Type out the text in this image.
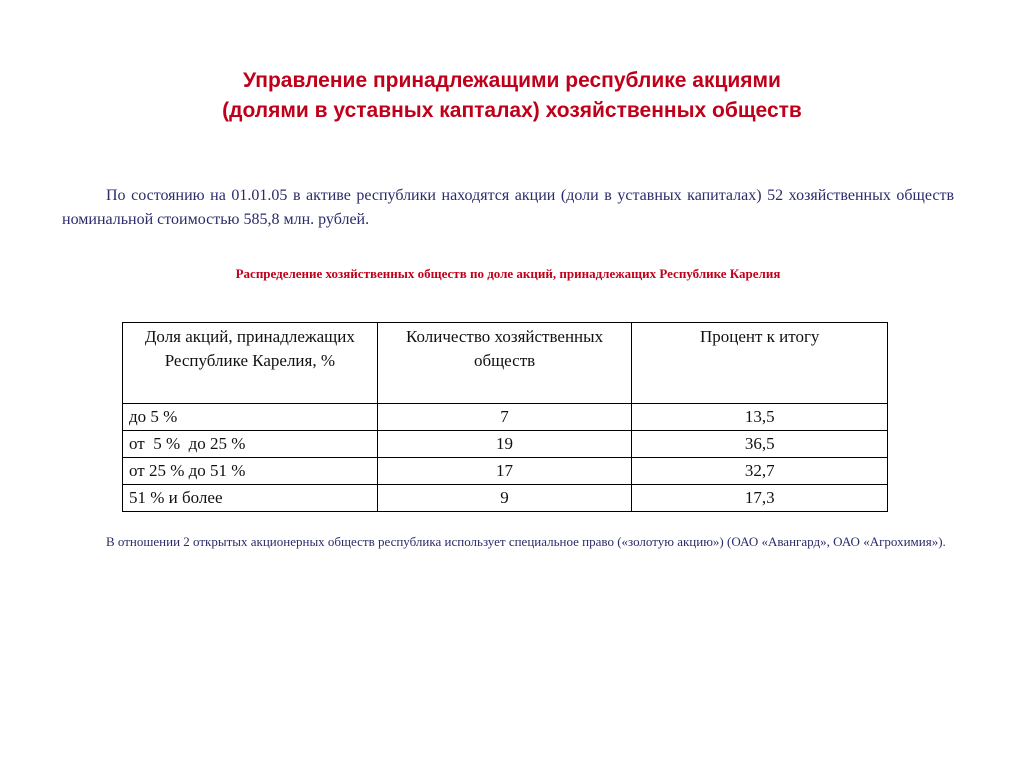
Управление принадлежащими республике акциями
(долями в уставных капталах) хозяйственных обществ

По состоянию на 01.01.05 в активе республики находятся акции (доли в уставных капиталах) 52 хозяйственных обществ номинальной стоимостью 585,8 млн. рублей.

Распределение хозяйственных обществ по доле акций, принадлежащих Республике Карелия
Доля акций, принадлежащих Республике Карелия, %	Количество хозяйственных обществ	Процент к итогу
до 5 %	7	13,5
от  5 %  до 25 %	19	36,5
от 25 % до 51 %	17	32,7
51 % и более	9	17,3

В отношении 2 открытых акционерных обществ республика использует специальное право («золотую акцию») (ОАО «Авангард», ОАО «Агрохимия»).
